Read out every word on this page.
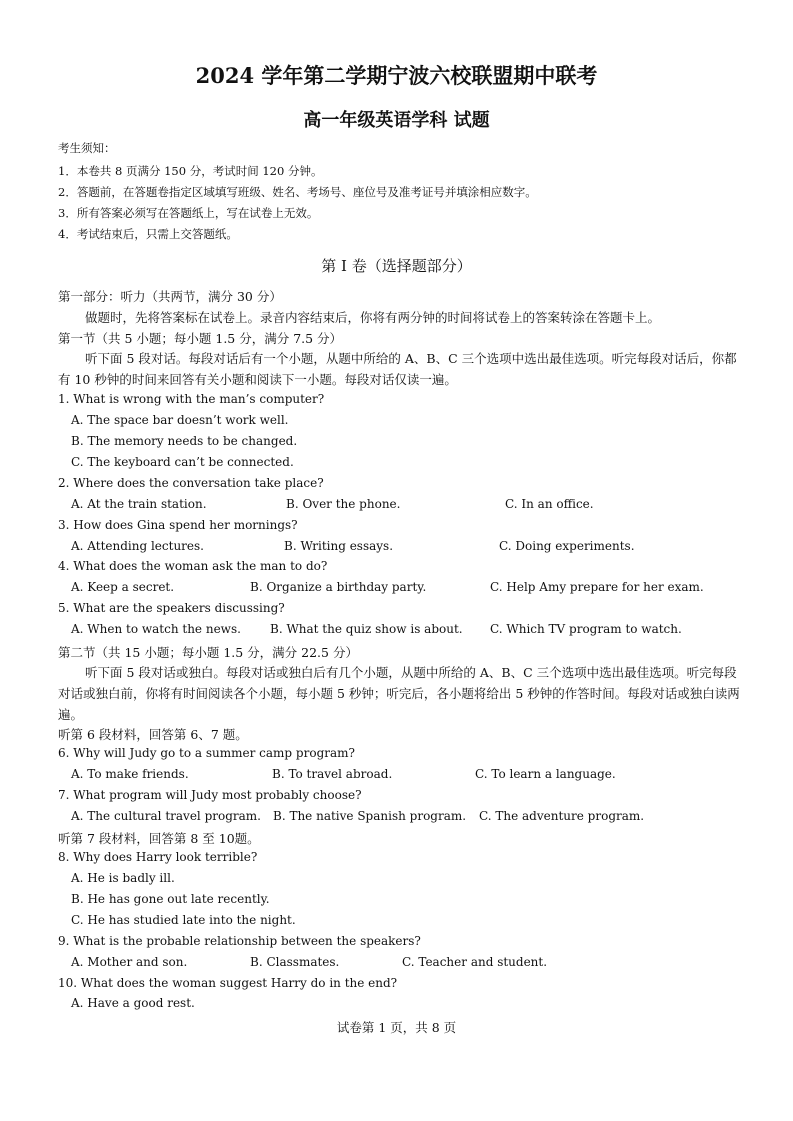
2024 学年第二学期宁波六校联盟期中联考
高一年级英语学科 试题
考生须知：
1．本卷共 8 页满分 150 分，考试时间 120 分钟。
2．答题前，在答题卷指定区域填写班级、姓名、考场号、座位号及准考证号并填涂相应数字。
3．所有答案必须写在答题纸上，写在试卷上无效。
4．考试结束后，只需上交答题纸。
第 I 卷（选择题部分）
第一部分：听力（共两节，满分 30 分）
做题时，先将答案标在试卷上。录音内容结束后，你将有两分钟的时间将试卷上的答案转涂在答题卡上。
第一节（共 5 小题；每小题 1.5 分，满分 7.5 分）
听下面 5 段对话。每段对话后有一个小题，从题中所给的 A、B、C 三个选项中选出最佳选项。听完每段对话后，你都有 10 秒钟的时间来回答有关小题和阅读下一小题。每段对话仅读一遍。
1. What is wrong with the man’s computer?
A. The space bar doesn’t work well.
B. The memory needs to be changed.
C. The keyboard can’t be connected.
2. Where does the conversation take place?
A. At the train station.	B. Over the phone.	C. In an office.
3. How does Gina spend her mornings?
A. Attending lectures.	B. Writing essays.	C. Doing experiments.
4. What does the woman ask the man to do?
A. Keep a secret.	B. Organize a birthday party.	C. Help Amy prepare for her exam.
5. What are the speakers discussing?
A. When to watch the news. B. What the quiz show is about. C. Which TV program to watch.
第二节（共 15 小题；每小题 1.5 分，满分 22.5 分）
听下面 5 段对话或独白。每段对话或独白后有几个小题，从题中所给的 A、B、C 三个选项中选出最佳选项。听完每段对话或独白前，你将有时间阅读各个小题，每小题 5 秒钟；听完后，各小题将给出 5 秒钟的作答时间。每段对话或独白读两遍。
听第 6 段材料，回答第 6、7 题。
6. Why will Judy go to a summer camp program?
A. To make friends.	B. To travel abroad.	C. To learn a language.
7. What program will Judy most probably choose?
A. The cultural travel program. B. The native Spanish program. C. The adventure program.
听第 7 段材料，回答第 8 至 10题。
8. Why does Harry look terrible?
A. He is badly ill.
B. He has gone out late recently.
C. He has studied late into the night.
9. What is the probable relationship between the speakers?
A. Mother and son.	B. Classmates.	C. Teacher and student.
10. What does the woman suggest Harry do in the end?
A. Have a good rest.
试卷第 1 页，共 8 页
